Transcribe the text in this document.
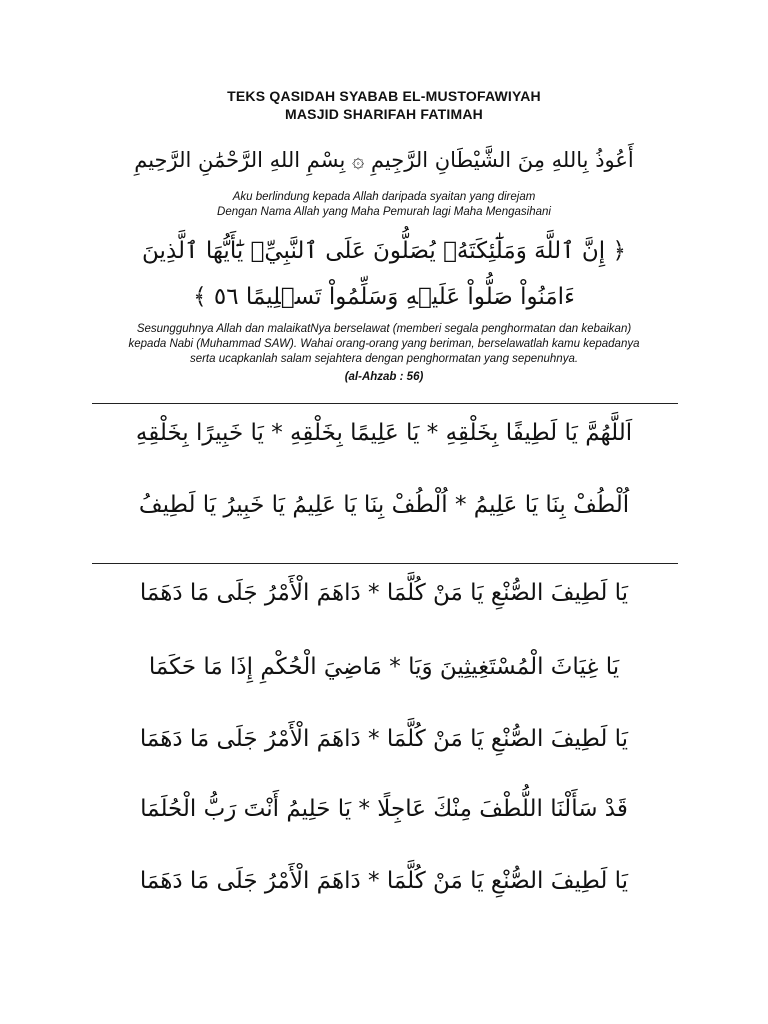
TEKS QASIDAH SYABAB EL-MUSTOFAWIYAH
MASJID SHARIFAH FATIMAH
أَعُوذُ بِاللهِ مِنَ الشَّيْطَانِ الرَّجِيمِ ۞ بِسْمِ اللهِ الرَّحْمَٰنِ الرَّحِيمِ
Aku berlindung kepada Allah daripada syaitan yang direjam
Dengan Nama Allah yang Maha Pemurah lagi Maha Mengasihani
﴿ إِنَّ ٱللَّهَ وَمَلَٰٓئِكَتَهُۥ يُصَلُّونَ عَلَى ٱلنَّبِيِّۚ يَٰٓأَيُّهَا ٱلَّذِينَ
ءَامَنُواْ صَلُّواْ عَلَيۡهِ وَسَلِّمُواْ تَسۡلِيمًا ٥٦ ﴾
Sesungguhnya Allah dan malaikatNya berselawat (memberi segala penghormatan dan kebaikan)
kepada Nabi (Muhammad SAW). Wahai orang-orang yang beriman, berselawatlah kamu kepadanya
serta ucapkanlah salam sejahtera dengan penghormatan yang sepenuhnya.
(al-Ahzab : 56)
اَللَّهُمَّ يَا لَطِيفًا بِخَلْقِهِ * يَا عَلِيمًا بِخَلْقِهِ * يَا خَبِيرًا بِخَلْقِهِ
اُلْطُفْ بِنَا يَا عَلِيمُ * اُلْطُفْ بِنَا يَا عَلِيمُ يَا خَبِيرُ يَا لَطِيفُ
يَا لَطِيفَ الصُّنْعِ يَا مَنْ كُلَّمَا * دَاهَمَ الْأَمْرُ جَلَى مَا دَهَمَا
يَا غِيَاثَ الْمُسْتَغِيثِينَ وَيَا * مَاضِيَ الْحُكْمِ إِذَا مَا حَكَمَا
يَا لَطِيفَ الصُّنْعِ يَا مَنْ كُلَّمَا * دَاهَمَ الْأَمْرُ جَلَى مَا دَهَمَا
قَدْ سَأَلْنَا اللُّطْفَ مِنْكَ عَاجِلًا * يَا حَلِيمُ أَنْتَ رَبُّ الْحُلَمَا
يَا لَطِيفَ الصُّنْعِ يَا مَنْ كُلَّمَا * دَاهَمَ الْأَمْرُ جَلَى مَا دَهَمَا
